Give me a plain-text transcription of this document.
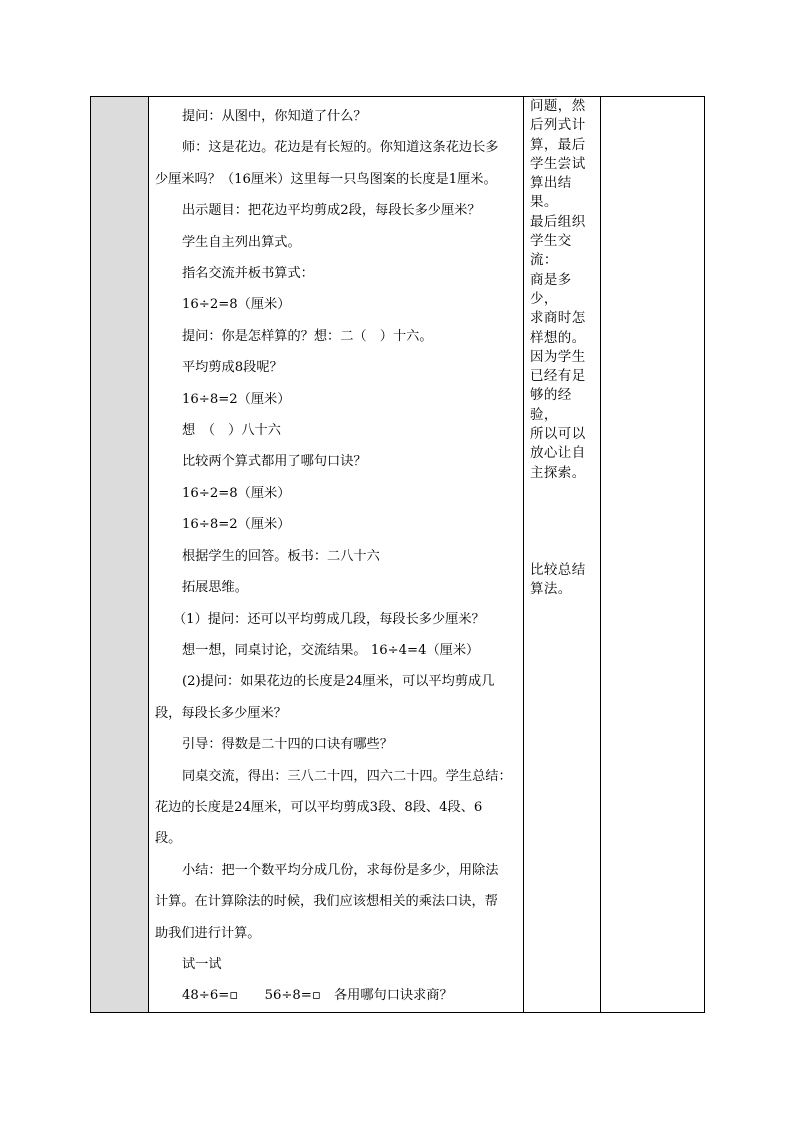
提问：从图中，你知道了什么？
师：这是花边。花边是有长短的。你知道这条花边长多
少厘米吗？（16厘米）这里每一只鸟图案的长度是1厘米。
出示题目：把花边平均剪成2段，每段长多少厘米？
学生自主列出算式。
指名交流并板书算式：
16÷2=8（厘米）
提问：你是怎样算的？想：二（　）十六。
平均剪成8段呢？
16÷8=2（厘米）
想　（　）八十六
比较两个算式都用了哪句口诀？
16÷2=8（厘米）
16÷8=2（厘米）
根据学生的回答。板书：二八十六
拓展思维。
（1）提问：还可以平均剪成几段，每段长多少厘米？
想一想，同桌讨论，交流结果。 16÷4=4（厘米）
(2)提问：如果花边的长度是24厘米，可以平均剪成几
段，每段长多少厘米？
引导：得数是二十四的口诀有哪些？
同桌交流，得出：三八二十四，四六二十四。学生总结：
花边的长度是24厘米，可以平均剪成3段、8段、4段、6
段。
小结：把一个数平均分成几份，求每份是多少，用除法
计算。在计算除法的时候，我们应该想相关的乘法口诀，帮
助我们进行计算。
试一试
48÷6=▫　　56÷8=▫　各用哪句口诀求商？

问题，然
后列式计
算，最后
学生尝试
算出结果。
最后组织
学生交流：
商是多少，
求商时怎
样想的。
因为学生
已经有足
够的经验，
所以可以
放心让自
主探索。
比较总结
算法。
